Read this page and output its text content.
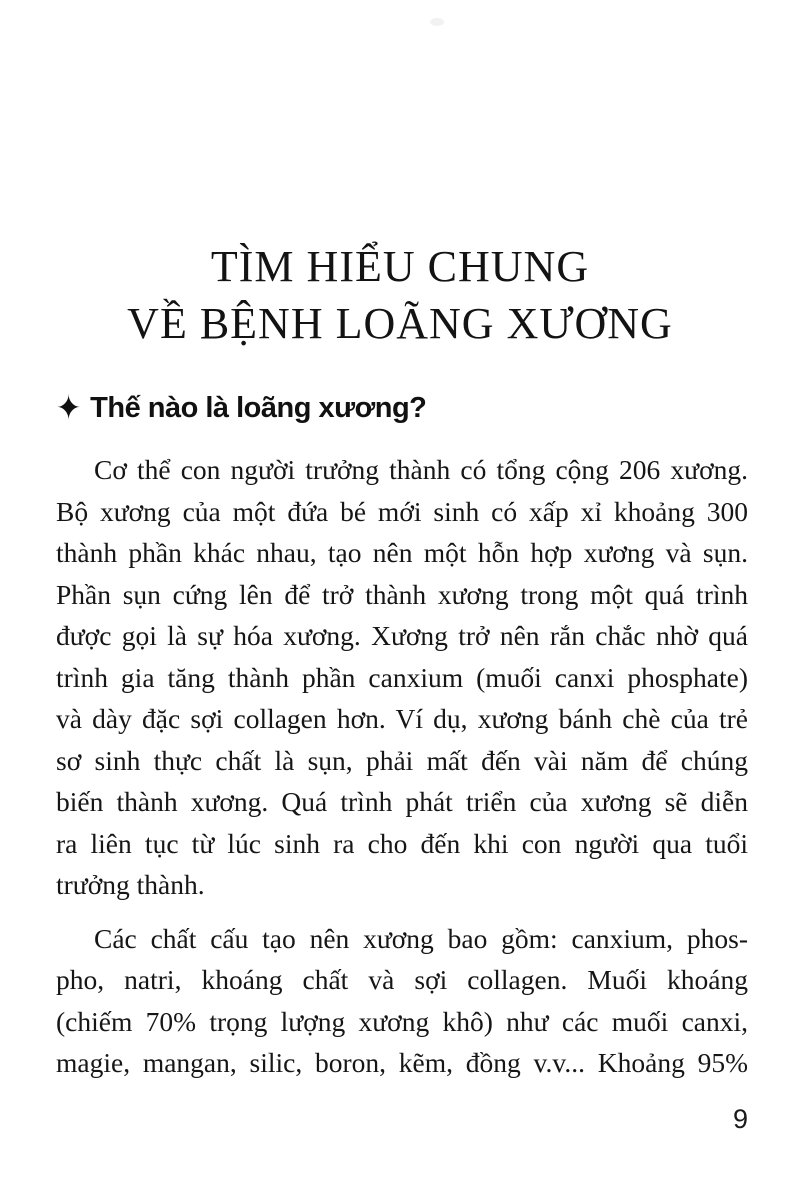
TÌM HIỂU CHUNG
VỀ BỆNH LOÃNG XƯƠNG
✦ Thế nào là loãng xương?
Cơ thể con người trưởng thành có tổng cộng 206 xương.
Bộ xương của một đứa bé mới sinh có xấp xỉ khoảng 300
thành phần khác nhau, tạo nên một hỗn hợp xương và sụn.
Phần sụn cứng lên để trở thành xương trong một quá trình
được gọi là sự hóa xương. Xương trở nên rắn chắc nhờ quá
trình gia tăng thành phần canxium (muối canxi phosphate)
và dày đặc sợi collagen hơn. Ví dụ, xương bánh chè của trẻ
sơ sinh thực chất là sụn, phải mất đến vài năm để chúng
biến thành xương. Quá trình phát triển của xương sẽ diễn
ra liên tục từ lúc sinh ra cho đến khi con người qua tuổi
trưởng thành.
Các chất cấu tạo nên xương bao gồm: canxium, phos-
pho, natri, khoáng chất và sợi collagen. Muối khoáng
(chiếm 70% trọng lượng xương khô) như các muối canxi,
magie, mangan, silic, boron, kẽm, đồng v.v... Khoảng 95%
9
